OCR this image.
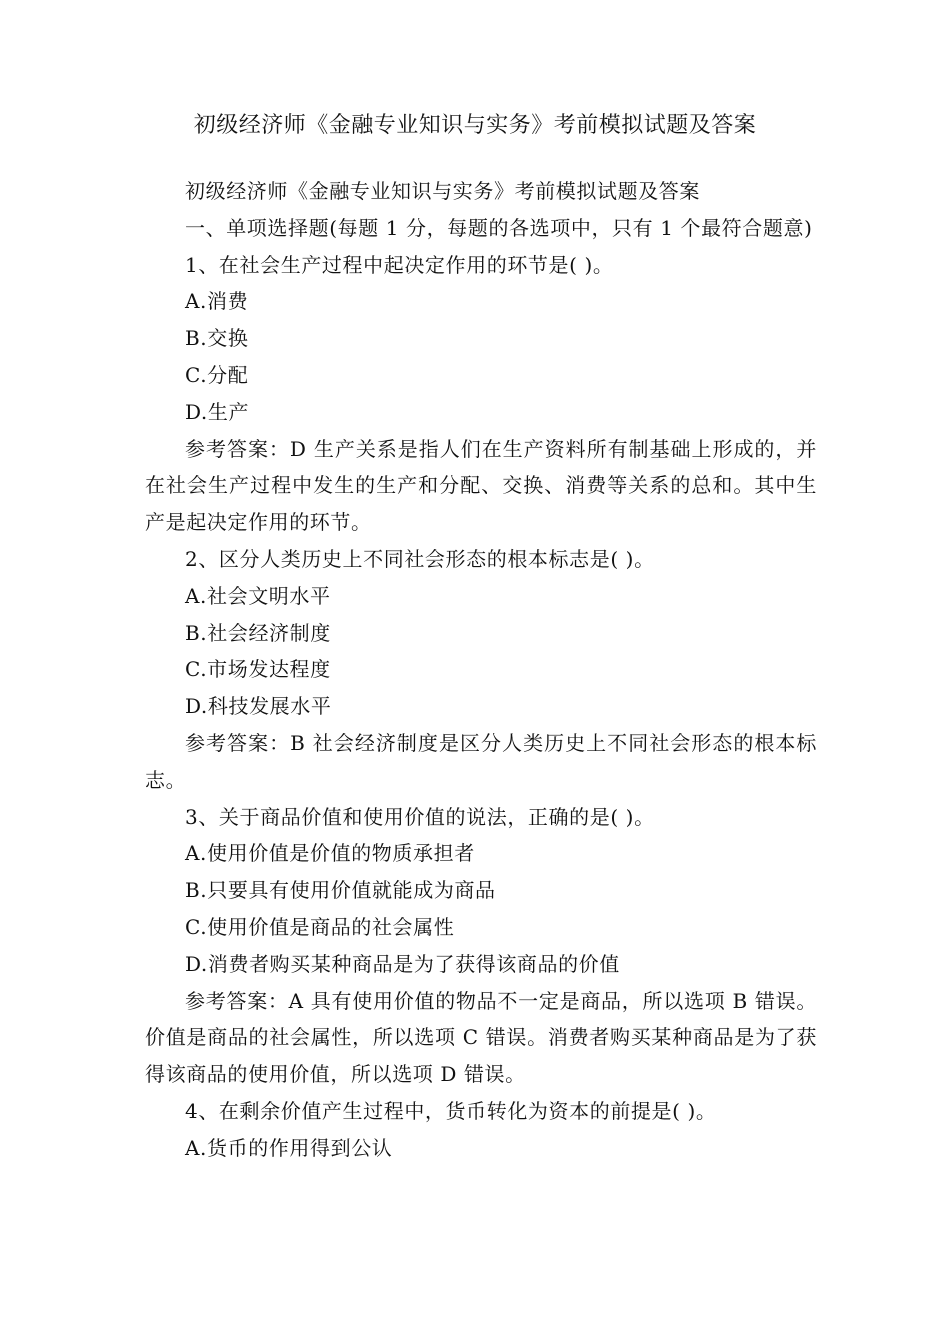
初级经济师《金融专业知识与实务》考前模拟试题及答案

初级经济师《金融专业知识与实务》考前模拟试题及答案

一、单项选择题(每题 1 分，每题的各选项中，只有 1 个最符合题意)

1、在社会生产过程中起决定作用的环节是( )。

A.消费

B.交换

C.分配

D.生产

参考答案：D 生产关系是指人们在生产资料所有制基础上形成的，并在社会生产过程中发生的生产和分配、交换、消费等关系的总和。其中生产是起决定作用的环节。

2、区分人类历史上不同社会形态的根本标志是( )。

A.社会文明水平

B.社会经济制度

C.市场发达程度

D.科技发展水平

参考答案：B 社会经济制度是区分人类历史上不同社会形态的根本标志。

3、关于商品价值和使用价值的说法，正确的是( )。

A.使用价值是价值的物质承担者

B.只要具有使用价值就能成为商品

C.使用价值是商品的社会属性

D.消费者购买某种商品是为了获得该商品的价值

参考答案：A 具有使用价值的物品不一定是商品，所以选项 B 错误。价值是商品的社会属性，所以选项 C 错误。消费者购买某种商品是为了获得该商品的使用价值，所以选项 D 错误。

4、在剩余价值产生过程中，货币转化为资本的前提是( )。

A.货币的作用得到公认
